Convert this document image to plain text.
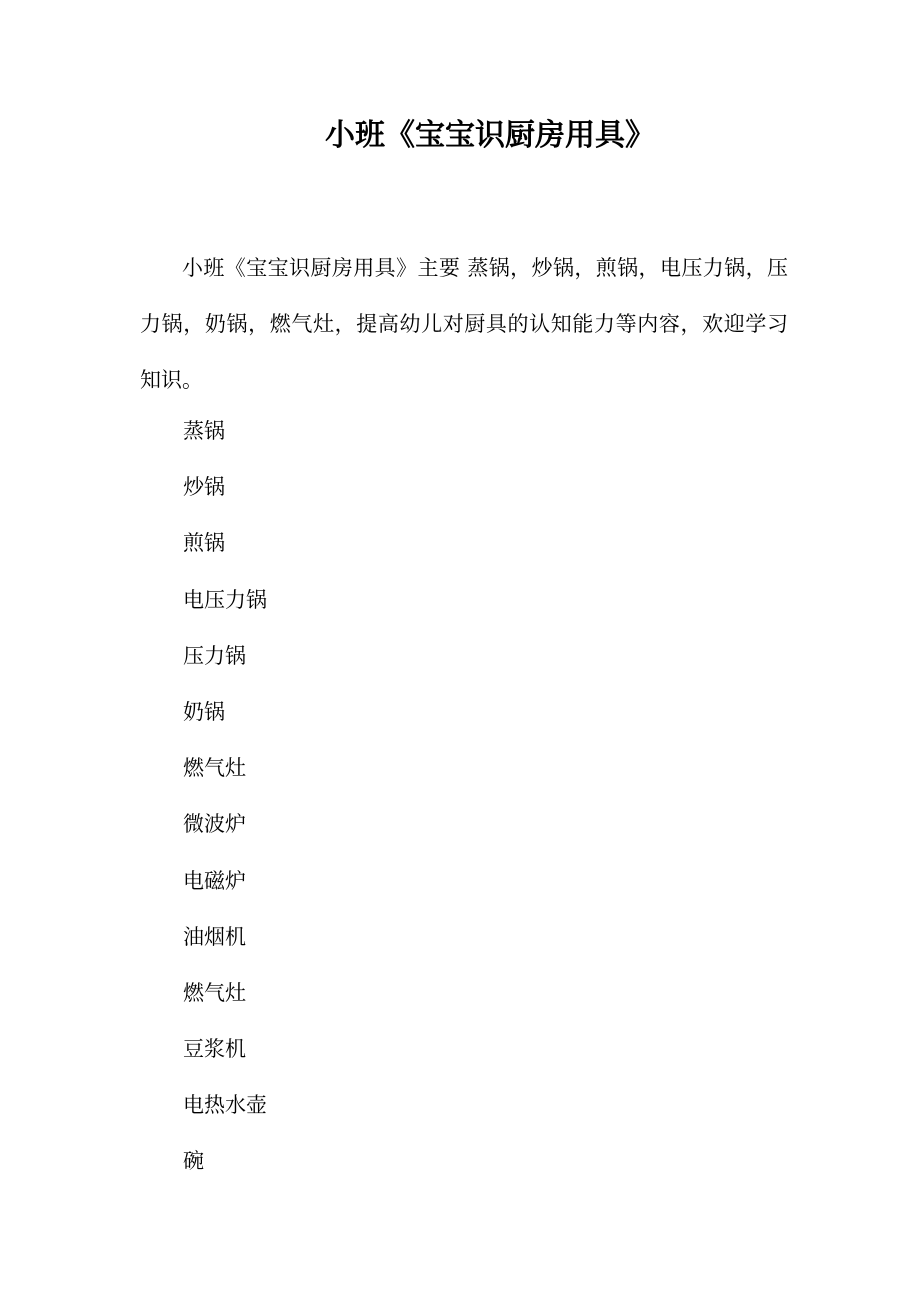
小班《宝宝识厨房用具》

小班《宝宝识厨房用具》主要 蒸锅，炒锅，煎锅，电压力锅，压力锅，奶锅，燃气灶，提高幼儿对厨具的认知能力等内容，欢迎学习知识。

蒸锅
炒锅
煎锅
电压力锅
压力锅
奶锅
燃气灶
微波炉
电磁炉
油烟机
燃气灶
豆浆机
电热水壶
碗
